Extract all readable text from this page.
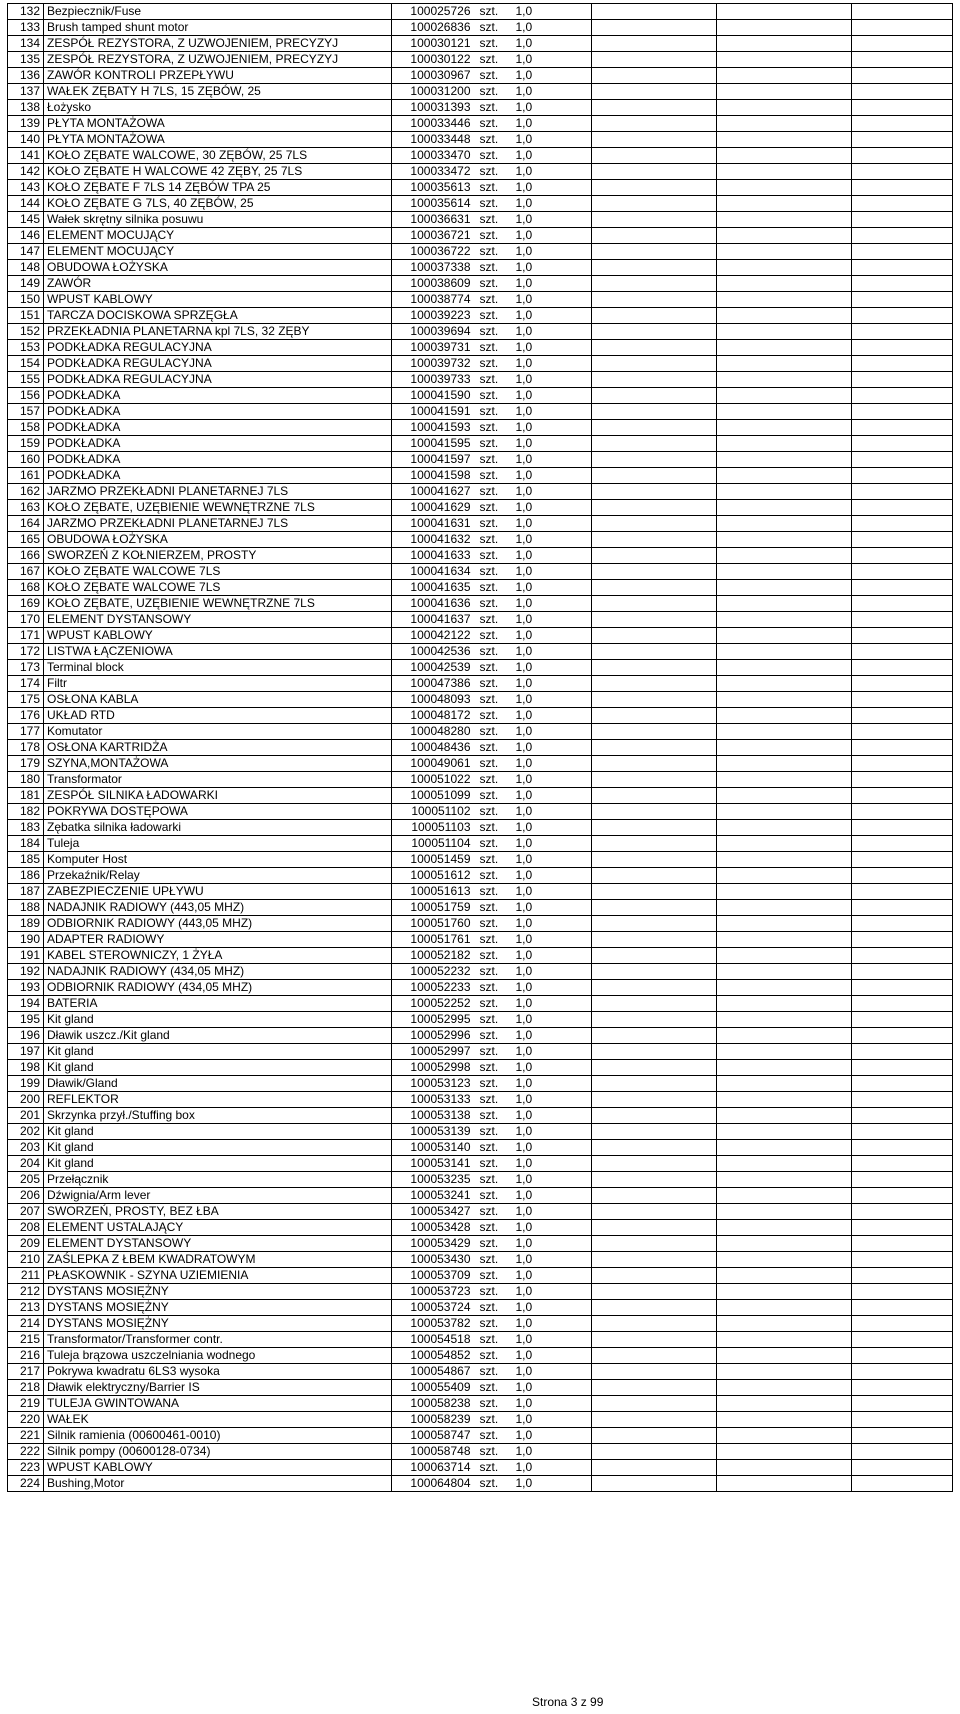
132	Bezpiecznik/Fuse	100025726	szt.	1,0			
133	Brush tamped shunt motor	100026836	szt.	1,0			
134	ZESPÓŁ REZYSTORA, Z UZWOJENIEM, PRECYZYJ	100030121	szt.	1,0			
135	ZESPÓŁ REZYSTORA, Z UZWOJENIEM, PRECYZYJ	100030122	szt.	1,0			
136	ZAWÓR KONTROLI PRZEPŁYWU	100030967	szt.	1,0			
137	WAŁEK ZĘBATY H 7LS, 15 ZĘBÓW, 25	100031200	szt.	1,0			
138	Łożysko	100031393	szt.	1,0			
139	PŁYTA MONTAŻOWA	100033446	szt.	1,0			
140	PŁYTA MONTAŻOWA	100033448	szt.	1,0			
141	KOŁO ZĘBATE WALCOWE, 30 ZĘBÓW, 25 7LS	100033470	szt.	1,0			
142	KOŁO ZĘBATE H WALCOWE 42 ZĘBY, 25 7LS	100033472	szt.	1,0			
143	KOŁO ZĘBATE F 7LS 14 ZĘBÓW TPA 25	100035613	szt.	1,0			
144	KOŁO ZĘBATE G 7LS, 40 ZĘBÓW, 25	100035614	szt.	1,0			
145	Wałek skrętny silnika posuwu	100036631	szt.	1,0			
146	ELEMENT MOCUJĄCY	100036721	szt.	1,0			
147	ELEMENT MOCUJĄCY	100036722	szt.	1,0			
148	OBUDOWA ŁOŻYSKA	100037338	szt.	1,0			
149	ZAWÓR	100038609	szt.	1,0			
150	WPUST KABLOWY	100038774	szt.	1,0			
151	TARCZA DOCISKOWA SPRZĘGŁA	100039223	szt.	1,0			
152	PRZEKŁADNIA PLANETARNA kpl 7LS, 32 ZĘBY	100039694	szt.	1,0			
153	PODKŁADKA REGULACYJNA	100039731	szt.	1,0			
154	PODKŁADKA REGULACYJNA	100039732	szt.	1,0			
155	PODKŁADKA REGULACYJNA	100039733	szt.	1,0			
156	PODKŁADKA	100041590	szt.	1,0			
157	PODKŁADKA	100041591	szt.	1,0			
158	PODKŁADKA	100041593	szt.	1,0			
159	PODKŁADKA	100041595	szt.	1,0			
160	PODKŁADKA	100041597	szt.	1,0			
161	PODKŁADKA	100041598	szt.	1,0			
162	JARZMO PRZEKŁADNI PLANETARNEJ 7LS	100041627	szt.	1,0			
163	KOŁO ZĘBATE, UZĘBIENIE WEWNĘTRZNE 7LS	100041629	szt.	1,0			
164	JARZMO PRZEKŁADNI PLANETARNEJ 7LS	100041631	szt.	1,0			
165	OBUDOWA ŁOŻYSKA	100041632	szt.	1,0			
166	SWORZEŃ Z KOŁNIERZEM, PROSTY	100041633	szt.	1,0			
167	KOŁO ZĘBATE WALCOWE 7LS	100041634	szt.	1,0			
168	KOŁO ZĘBATE WALCOWE 7LS	100041635	szt.	1,0			
169	KOŁO ZĘBATE, UZĘBIENIE WEWNĘTRZNE 7LS	100041636	szt.	1,0			
170	ELEMENT DYSTANSOWY	100041637	szt.	1,0			
171	WPUST KABLOWY	100042122	szt.	1,0			
172	LISTWA ŁĄCZENIOWA	100042536	szt.	1,0			
173	Terminal block	100042539	szt.	1,0			
174	Filtr	100047386	szt.	1,0			
175	OSŁONA KABLA	100048093	szt.	1,0			
176	UKŁAD RTD	100048172	szt.	1,0			
177	Komutator	100048280	szt.	1,0			
178	OSŁONA KARTRIDŻA	100048436	szt.	1,0			
179	SZYNA,MONTAŻOWA	100049061	szt.	1,0			
180	Transformator	100051022	szt.	1,0			
181	ZESPÓŁ SILNIKA ŁADOWARKI	100051099	szt.	1,0			
182	POKRYWA DOSTĘPOWA	100051102	szt.	1,0			
183	Zębatka silnika ładowarki	100051103	szt.	1,0			
184	Tuleja	100051104	szt.	1,0			
185	Komputer Host	100051459	szt.	1,0			
186	Przekaźnik/Relay	100051612	szt.	1,0			
187	ZABEZPIECZENIE UPŁYWU	100051613	szt.	1,0			
188	NADAJNIK RADIOWY (443,05 MHZ)	100051759	szt.	1,0			
189	ODBIORNIK RADIOWY (443,05 MHZ)	100051760	szt.	1,0			
190	ADAPTER RADIOWY	100051761	szt.	1,0			
191	KABEL STEROWNICZY, 1 ŻYŁA	100052182	szt.	1,0			
192	NADAJNIK RADIOWY (434,05 MHZ)	100052232	szt.	1,0			
193	ODBIORNIK RADIOWY (434,05 MHZ)	100052233	szt.	1,0			
194	BATERIA	100052252	szt.	1,0			
195	Kit gland	100052995	szt.	1,0			
196	Dławik uszcz./Kit gland	100052996	szt.	1,0			
197	Kit gland	100052997	szt.	1,0			
198	Kit gland	100052998	szt.	1,0			
199	Dławik/Gland	100053123	szt.	1,0			
200	REFLEKTOR	100053133	szt.	1,0			
201	Skrzynka przył./Stuffing box	100053138	szt.	1,0			
202	Kit gland	100053139	szt.	1,0			
203	Kit gland	100053140	szt.	1,0			
204	Kit gland	100053141	szt.	1,0			
205	Przełącznik	100053235	szt.	1,0			
206	Dźwignia/Arm lever	100053241	szt.	1,0			
207	SWORZEŃ, PROSTY, BEZ ŁBA	100053427	szt.	1,0			
208	ELEMENT USTALAJĄCY	100053428	szt.	1,0			
209	ELEMENT DYSTANSOWY	100053429	szt.	1,0			
210	ZAŚLEPKA Z ŁBEM KWADRATOWYM	100053430	szt.	1,0			
211	PŁASKOWNIK - SZYNA UZIEMIENIA	100053709	szt.	1,0			
212	DYSTANS MOSIĘŻNY	100053723	szt.	1,0			
213	DYSTANS MOSIĘŻNY	100053724	szt.	1,0			
214	DYSTANS MOSIĘŻNY	100053782	szt.	1,0			
215	Transformator/Transformer contr.	100054518	szt.	1,0			
216	Tuleja brązowa uszczelniania wodnego	100054852	szt.	1,0			
217	Pokrywa kwadratu 6LS3 wysoka	100054867	szt.	1,0			
218	Dławik elektryczny/Barrier IS	100055409	szt.	1,0			
219	TULEJA GWINTOWANA	100058238	szt.	1,0			
220	WAŁEK	100058239	szt.	1,0			
221	Silnik ramienia (00600461-0010)	100058747	szt.	1,0			
222	Silnik pompy (00600128-0734)	100058748	szt.	1,0			
223	WPUST KABLOWY	100063714	szt.	1,0			
224	Bushing,Motor	100064804	szt.	1,0			
Strona 3 z 99
